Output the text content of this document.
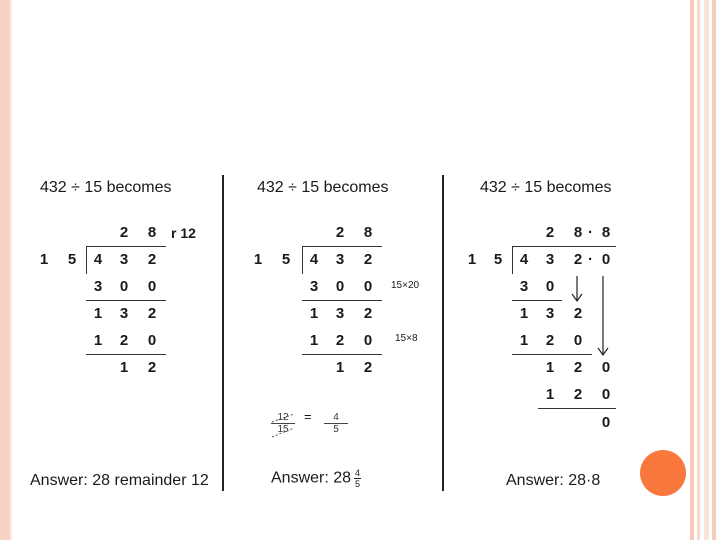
432 ÷ 15 becomes
2	8	r 12
1	5	4	3	2
3	0	0
1	3	2
1	2	0
1	2
Answer: 28 remainder 12
432 ÷ 15 becomes
2	8
1	5	4	3	2
3	0	0	15×20
1	3	2
1	2	0	15×8
1	2
$\frac{12}{15} = \frac{4}{5}$
Answer: $28 \frac{4}{5}$
432 ÷ 15 becomes
2	8 · 8
1	5	4	3	2 · 0
3	0
1	3	2
1	2	0
1	2	0
1	2	0
0
Answer: 28·8
